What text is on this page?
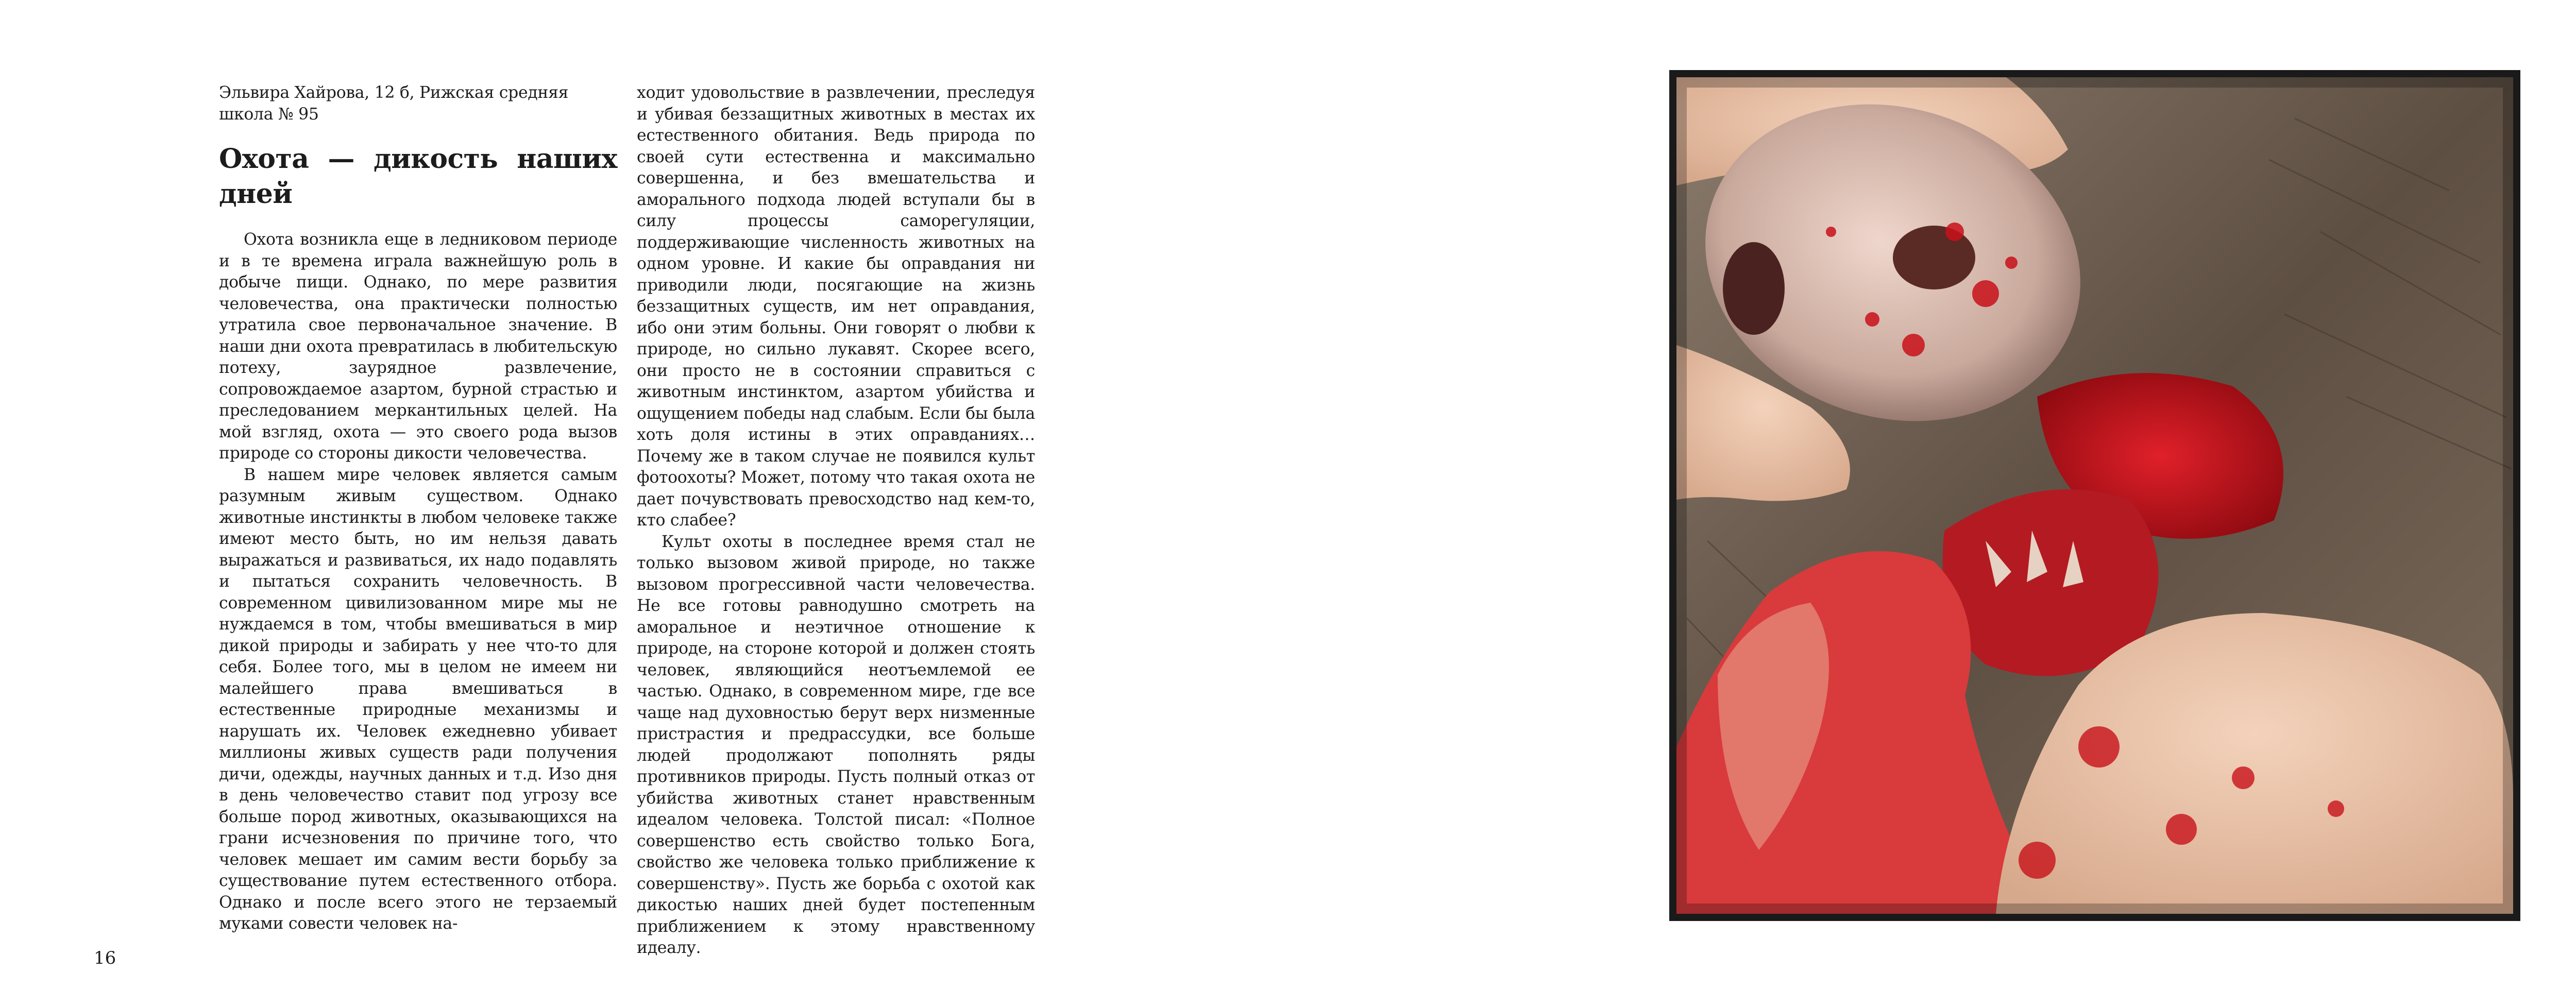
Эльвира Хайрова, 12 б, Рижская средняя школа № 95
Охота — дикость наших дней

Охота возникла еще в ледниковом периоде и в те времена играла важнейшую роль в добыче пищи. Однако, по мере развития человечества, она практически полностью утратила свое первоначальное значение. В наши дни охота превратилась в любительскую потеху, заурядное развлечение, сопровождаемое азартом, бурной страстью и преследованием меркантильных целей. На мой взгляд, охота — это своего рода вызов природе со стороны дикости человечества.

В нашем мире человек является самым разумным живым существом. Однако животные инстинкты в любом человеке также имеют место быть, но им нельзя давать выражаться и развиваться, их надо подавлять и пытаться сохранить человечность. В современном цивилизованном мире мы не нуждаемся в том, чтобы вмешиваться в мир дикой природы и забирать у нее что-то для себя. Более того, мы в целом не имеем ни малейшего права вмешиваться в естественные природные механизмы и нарушать их. Человек ежедневно убивает миллионы живых существ ради получения дичи, одежды, научных данных и т.д. Изо дня в день человечество ставит под угрозу все больше пород животных, оказывающихся на грани исчезновения по причине того, что человек мешает им самим вести борьбу за существование путем естественного отбора. Однако и после всего этого не терзаемый муками совести человек на-

ходит удовольствие в развлечении, преследуя и убивая беззащитных животных в местах их естественного обитания. Ведь природа по своей сути естественна и максимально совершенна, и без вмешательства и аморального подхода людей вступали бы в силу процессы саморегуляции, поддерживающие численность животных на одном уровне. И какие бы оправдания ни приводили люди, посягающие на жизнь беззащитных существ, им нет оправдания, ибо они этим больны. Они говорят о любви к природе, но сильно лукавят. Скорее всего, они просто не в состоянии справиться с животным инстинктом, азартом убийства и ощущением победы над слабым. Если бы была хоть доля истины в этих оправданиях… Почему же в таком случае не появился культ фотоохоты? Может, потому что такая охота не дает почувствовать превосходство над кем-то, кто слабее?

Культ охоты в последнее время стал не только вызовом живой природе, но также вызовом прогрессивной части человечества. Не все готовы равнодушно смотреть на аморальное и неэтичное отношение к природе, на стороне которой и должен стоять человек, являющийся неотъемлемой ее частью. Однако, в современном мире, где все чаще над духовностью берут верх низменные пристрастия и предрассудки, все больше людей продолжают пополнять ряды противников природы. Пусть полный отказ от убийства животных станет нравственным идеалом человека. Толстой писал: «Полное совершенство есть свойство только Бога, свойство же человека только приближение к совершенству». Пусть же борьба с охотой как дикостью наших дней будет постепенным приближением к этому нравственному идеалу.

16
